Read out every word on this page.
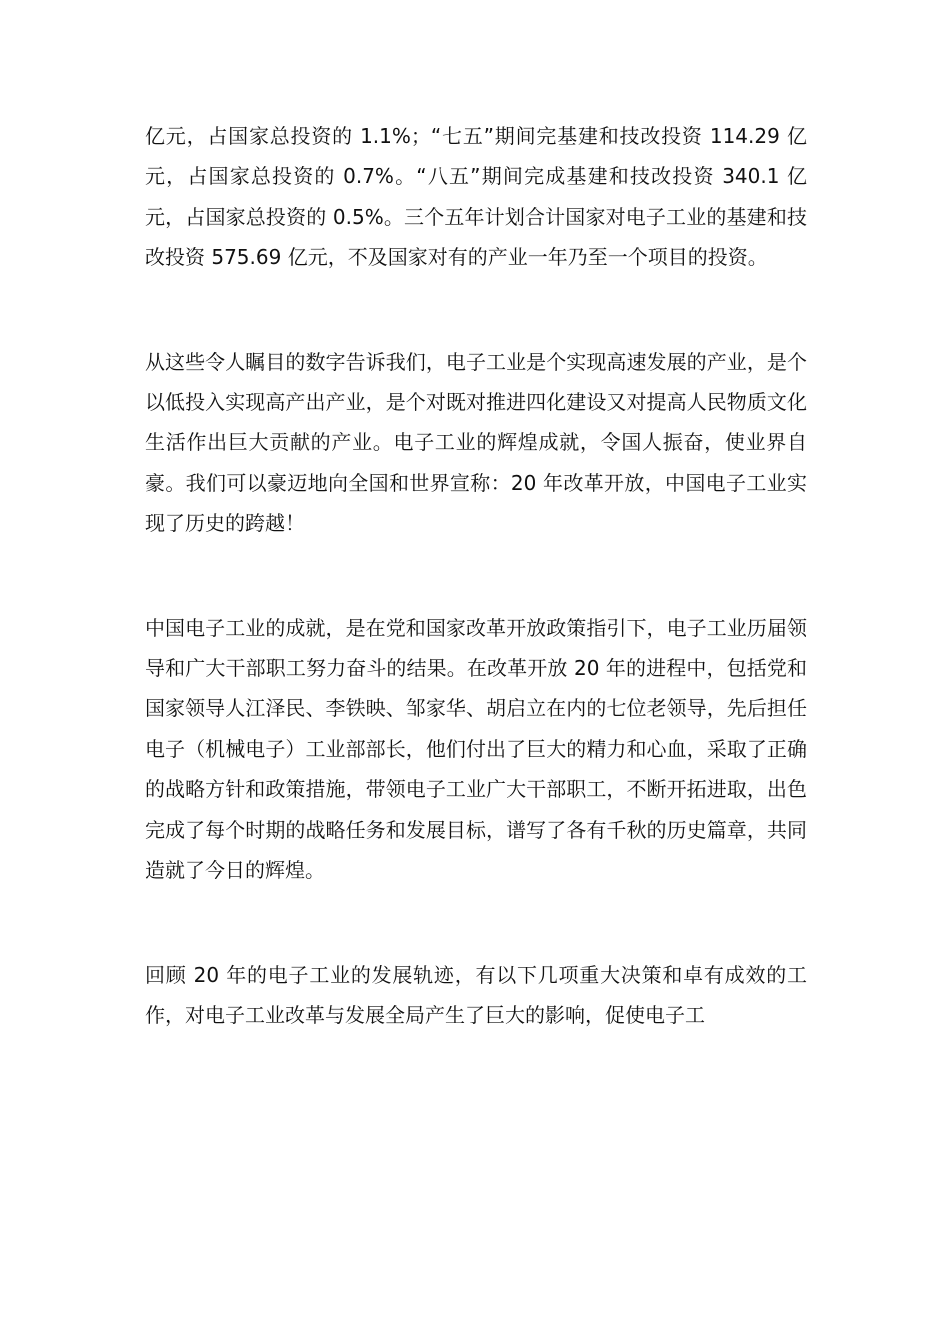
亿元，占国家总投资的 1.1%；“七五”期间完基建和技改投资 114.29 亿元，占国家总投资的 0.7%。“八五”期间完成基建和技改投资 340.1 亿元，占国家总投资的 0.5%。三个五年计划合计国家对电子工业的基建和技改投资 575.69 亿元，不及国家对有的产业一年乃至一个项目的投资。

从这些令人瞩目的数字告诉我们，电子工业是个实现高速发展的产业，是个以低投入实现高产出产业，是个对既对推进四化建设又对提高人民物质文化生活作出巨大贡献的产业。电子工业的辉煌成就，令国人振奋，使业界自豪。我们可以豪迈地向全国和世界宣称：20 年改革开放，中国电子工业实现了历史的跨越！

中国电子工业的成就，是在党和国家改革开放政策指引下，电子工业历届领导和广大干部职工努力奋斗的结果。在改革开放 20 年的进程中，包括党和国家领导人江泽民、李铁映、邹家华、胡启立在内的七位老领导，先后担任电子（机械电子）工业部部长，他们付出了巨大的精力和心血，采取了正确的战略方针和政策措施，带领电子工业广大干部职工，不断开拓进取，出色完成了每个时期的战略任务和发展目标，谱写了各有千秋的历史篇章，共同造就了今日的辉煌。

回顾 20 年的电子工业的发展轨迹，有以下几项重大决策和卓有成效的工作，对电子工业改革与发展全局产生了巨大的影响，促使电子工
